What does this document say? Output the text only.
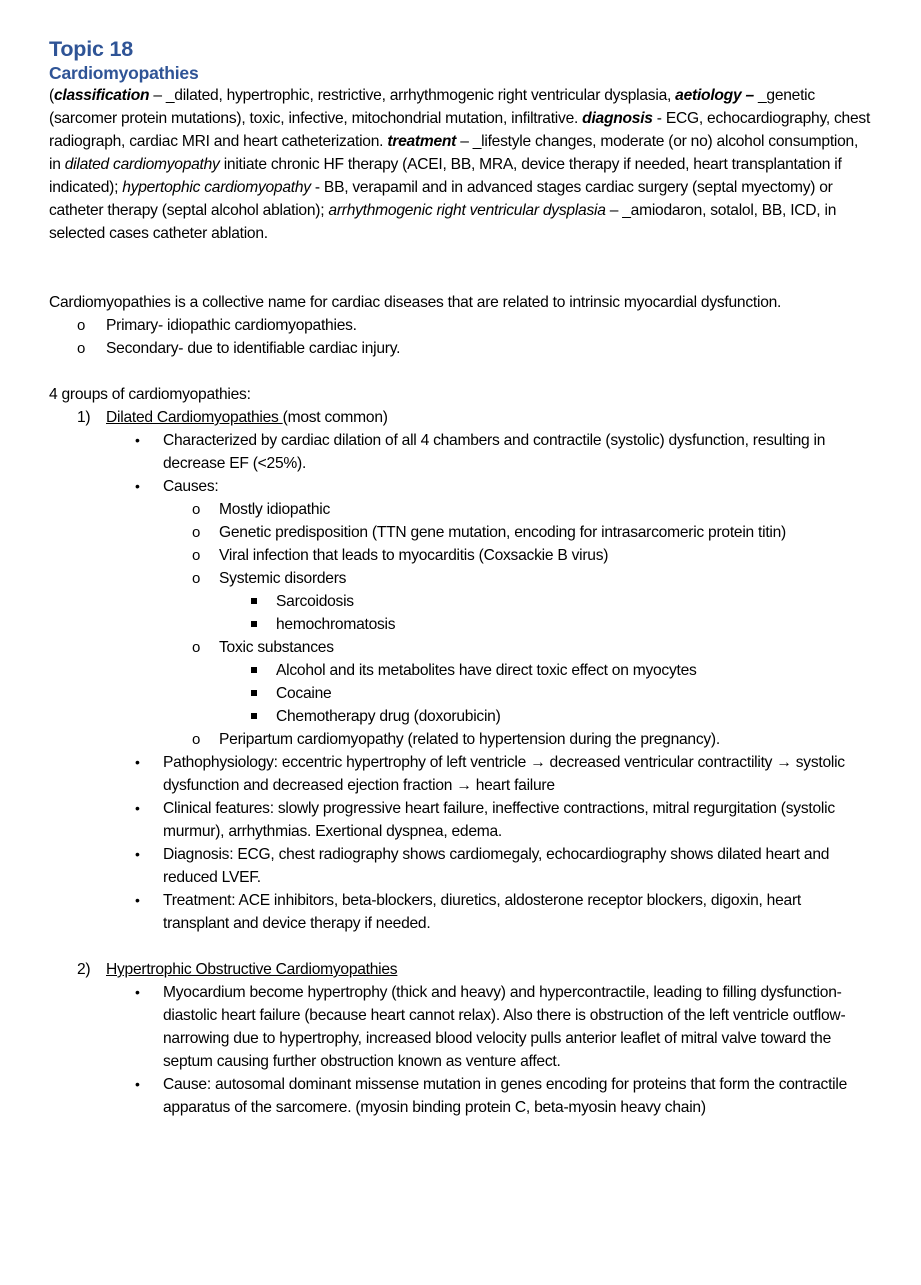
Topic 18
Cardiomyopathies

(classification – _dilated, hypertrophic, restrictive, arrhythmogenic right ventricular dysplasia, aetiology – _genetic (sarcomer protein mutations), toxic, infective, mitochondrial mutation, infiltrative. diagnosis - ECG, echocardiography, chest radiograph, cardiac MRI and heart catheterization. treatment – _lifestyle changes, moderate (or no) alcohol consumption, in dilated cardiomyopathy initiate chronic HF therapy (ACEI, BB, MRA, device therapy if needed, heart transplantation if indicated); hypertophic cardiomyopathy - BB, verapamil and in advanced stages cardiac surgery (septal myectomy) or catheter therapy (septal alcohol ablation); arrhythmogenic right ventricular dysplasia – _amiodaron, sotalol, BB, ICD, in selected cases catheter ablation.

Cardiomyopathies is a collective name for cardiac diseases that are related to intrinsic myocardial dysfunction.

o Primary- idiopathic cardiomyopathies.
o Secondary- due to identifiable cardiac injury.

4 groups of cardiomyopathies:

1) Dilated Cardiomyopathies (most common)
• Characterized by cardiac dilation of all 4 chambers and contractile (systolic) dysfunction, resulting in decrease EF (<25%).
• Causes:
o Mostly idiopathic
o Genetic predisposition (TTN gene mutation, encoding for intrasarcomeric protein titin)
o Viral infection that leads to myocarditis (Coxsackie B virus)
o Systemic disorders
Sarcoidosis
hemochromatosis
o Toxic substances
Alcohol and its metabolites have direct toxic effect on myocytes
Cocaine
Chemotherapy drug (doxorubicin)
o Peripartum cardiomyopathy (related to hypertension during the pregnancy).
• Pathophysiology: eccentric hypertrophy of left ventricle → decreased ventricular contractility → systolic dysfunction and decreased ejection fraction → heart failure
• Clinical features: slowly progressive heart failure, ineffective contractions, mitral regurgitation (systolic murmur), arrhythmias. Exertional dyspnea, edema.
• Diagnosis: ECG, chest radiography shows cardiomegaly, echocardiography shows dilated heart and reduced LVEF.
• Treatment: ACE inhibitors, beta-blockers, diuretics, aldosterone receptor blockers, digoxin, heart transplant and device therapy if needed.
2) Hypertrophic Obstructive Cardiomyopathies
• Myocardium become hypertrophy (thick and heavy) and hypercontractile, leading to filling dysfunction- diastolic heart failure (because heart cannot relax). Also there is obstruction of the left ventricle outflow- narrowing due to hypertrophy, increased blood velocity pulls anterior leaflet of mitral valve toward the septum causing further obstruction known as venture affect.
• Cause: autosomal dominant missense mutation in genes encoding for proteins that form the contractile apparatus of the sarcomere. (myosin binding protein C, beta-myosin heavy chain)
